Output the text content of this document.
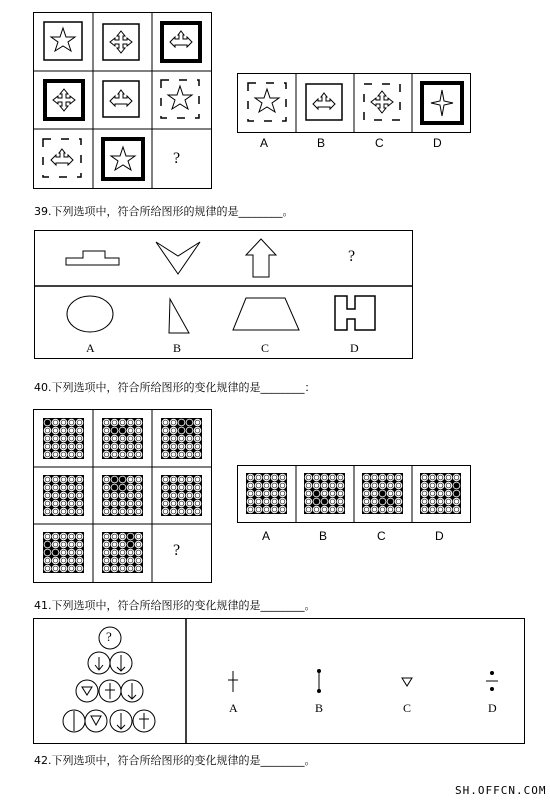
?
A	B	C	D
39.下列选项中，符合所给图形的规律的是________。
?
A	B	C	D
40.下列选项中，符合所给图形的变化规律的是________：
?
A	B	C	D
41.下列选项中，符合所给图形的变化规律的是________。
?
A	B	C	D
42.下列选项中，符合所给图形的变化规律的是________。
SH.OFFCN.COM
